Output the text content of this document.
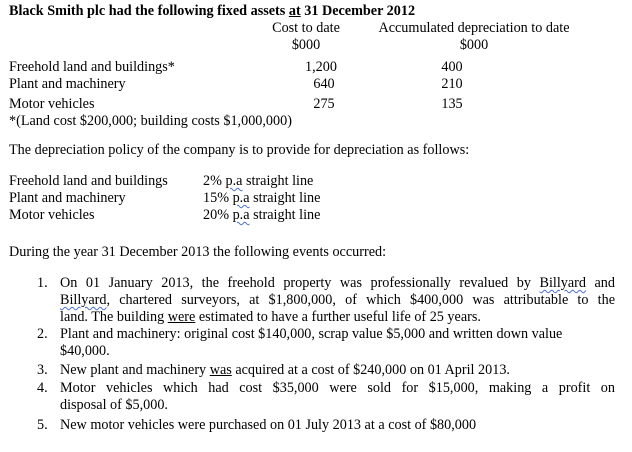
Black Smith plc had the following fixed assets at 31 December 2012
Cost to date	Accumulated depreciation to date
$000	$000
Freehold land and buildings*	1,200	400
Plant and machinery	640	210
Motor vehicles	275	135
*(Land cost $200,000; building costs $1,000,000)
The depreciation policy of the company is to provide for depreciation as follows:
Freehold land and buildings 2% p.a straight line
Plant and machinery	15% p.a straight line
Motor vehicles	20% p.a straight line
During the year 31 December 2013 the following events occurred:
1. On 01 January 2013, the freehold property was professionally revalued by Billyard and
Billyard, chartered surveyors, at $1,800,000, of which $400,000 was attributable to the
land. The building were estimated to have a further useful life of 25 years.
2. Plant and machinery: original cost $140,000, scrap value $5,000 and written down value
$40,000.
3. New plant and machinery was acquired at a cost of $240,000 on 01 April 2013.
4. Motor vehicles which had cost $35,000 were sold for $15,000, making a profit on
disposal of $5,000.
5. New motor vehicles were purchased on 01 July 2013 at a cost of $80,000
